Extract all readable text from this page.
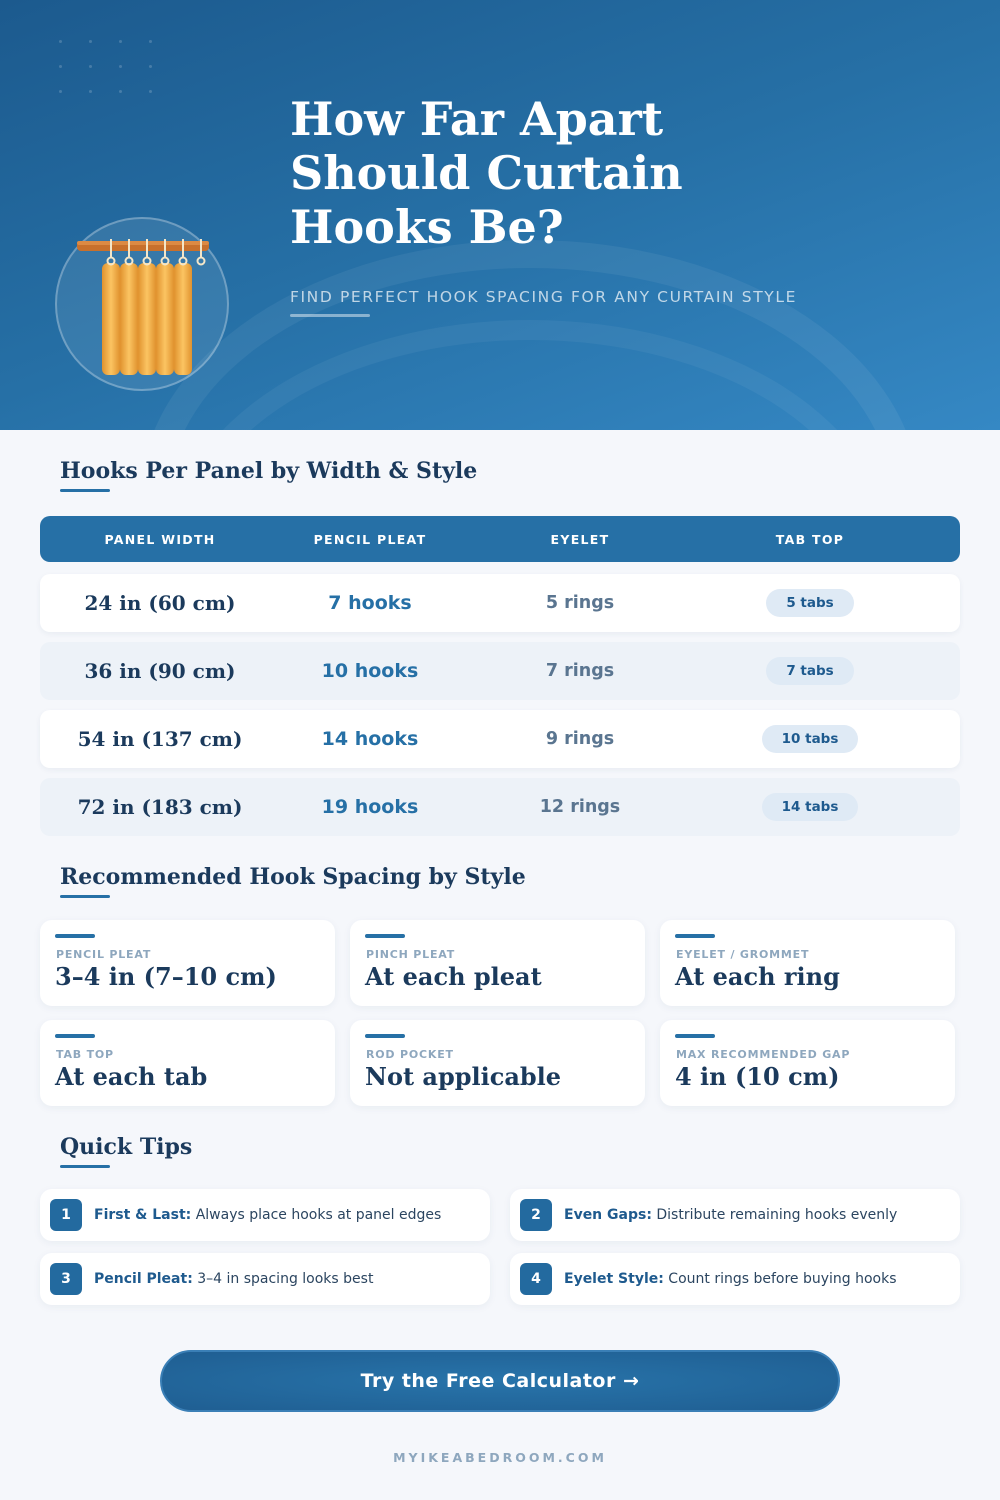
How Far Apart
Should Curtain
Hooks Be?
FIND PERFECT HOOK SPACING FOR ANY CURTAIN STYLE
Hooks Per Panel by Width & Style
PANEL WIDTH	PENCIL PLEAT	EYELET	TAB TOP
24 in (60 cm)	7 hooks	5 rings	5 tabs
36 in (90 cm)	10 hooks	7 rings	7 tabs
54 in (137 cm)	14 hooks	9 rings	10 tabs
72 in (183 cm)	19 hooks	12 rings	14 tabs
Recommended Hook Spacing by Style
PENCIL PLEAT
3–4 in (7–10 cm)
PINCH PLEAT
At each pleat
EYELET / GROMMET
At each ring
TAB TOP
At each tab
ROD POCKET
Not applicable
MAX RECOMMENDED GAP
4 in (10 cm)
Quick Tips
1	First & Last: Always place hooks at panel edges	2	Even Gaps: Distribute remaining hooks evenly
3	Pencil Pleat: 3–4 in spacing looks best	4	Eyelet Style: Count rings before buying hooks
Try the Free Calculator →
MYIKEABEDROOM.COM
